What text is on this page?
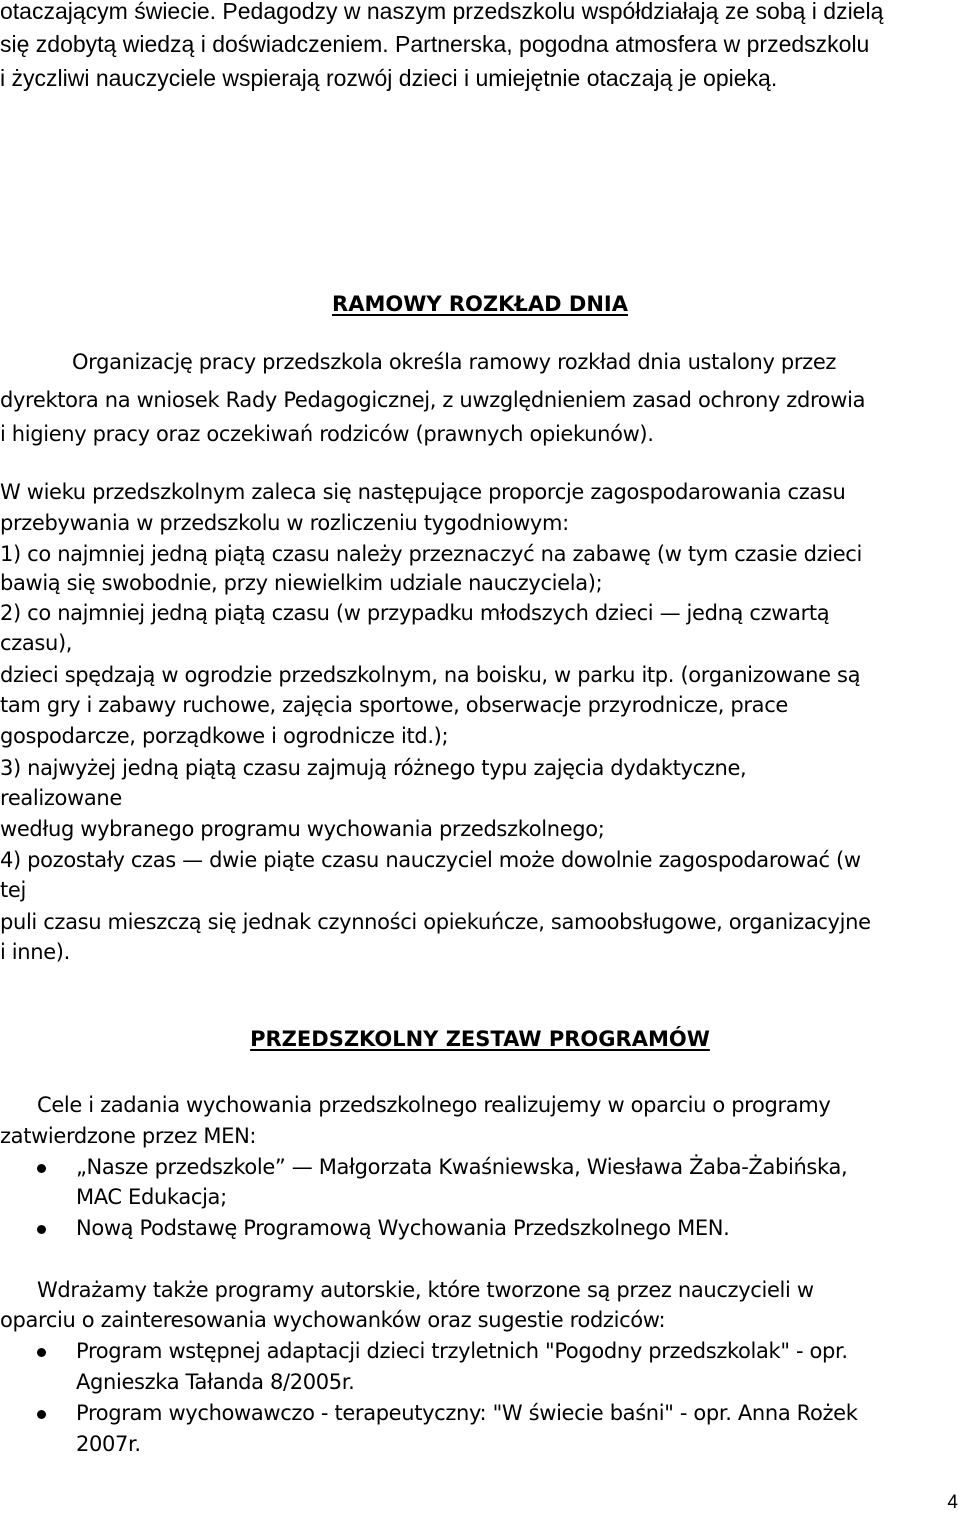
otaczającym świecie. Pedagodzy w naszym przedszkolu współdziałają ze sobą i dzielą
się zdobytą wiedzą i doświadczeniem. Partnerska, pogodna atmosfera w przedszkolu
i życzliwi nauczyciele wspierają rozwój dzieci i umiejętnie otaczają je opieką.
RAMOWY ROZKŁAD DNIA
Organizację pracy przedszkola określa ramowy rozkład dnia ustalony przez
dyrektora na wniosek Rady Pedagogicznej, z uwzględnieniem zasad ochrony zdrowia
i higieny pracy oraz oczekiwań rodziców (prawnych opiekunów).
W wieku przedszkolnym zaleca się następujące proporcje zagospodarowania czasu
przebywania w przedszkolu w rozliczeniu tygodniowym:
1) co najmniej jedną piątą czasu należy przeznaczyć na zabawę (w tym czasie dzieci
bawią się swobodnie, przy niewielkim udziale nauczyciela);
2) co najmniej jedną piątą czasu (w przypadku młodszych dzieci — jedną czwartą
czasu),
dzieci spędzają w ogrodzie przedszkolnym, na boisku, w parku itp. (organizowane są
tam gry i zabawy ruchowe, zajęcia sportowe, obserwacje przyrodnicze, prace
gospodarcze, porządkowe i ogrodnicze itd.);
3) najwyżej jedną piątą czasu zajmują różnego typu zajęcia dydaktyczne,
realizowane
według wybranego programu wychowania przedszkolnego;
4) pozostały czas — dwie piąte czasu nauczyciel może dowolnie zagospodarować (w
tej
puli czasu mieszczą się jednak czynności opiekuńcze, samoobsługowe, organizacyjne
i inne).
PRZEDSZKOLNY ZESTAW PROGRAMÓW
Cele i zadania wychowania przedszkolnego realizujemy w oparciu o programy
zatwierdzone przez MEN:
„Nasze przedszkole” — Małgorzata Kwaśniewska, Wiesława Żaba-Żabińska,
MAC Edukacja;
Nową Podstawę Programową Wychowania Przedszkolnego MEN.
Wdrażamy także programy autorskie, które tworzone są przez nauczycieli w
oparciu o zainteresowania wychowanków oraz sugestie rodziców:
Program wstępnej adaptacji dzieci trzyletnich "Pogodny przedszkolak" - opr.
Agnieszka Tałanda 8/2005r.
Program wychowawczo - terapeutyczny: "W świecie baśni" - opr. Anna Rożek
2007r.
4
